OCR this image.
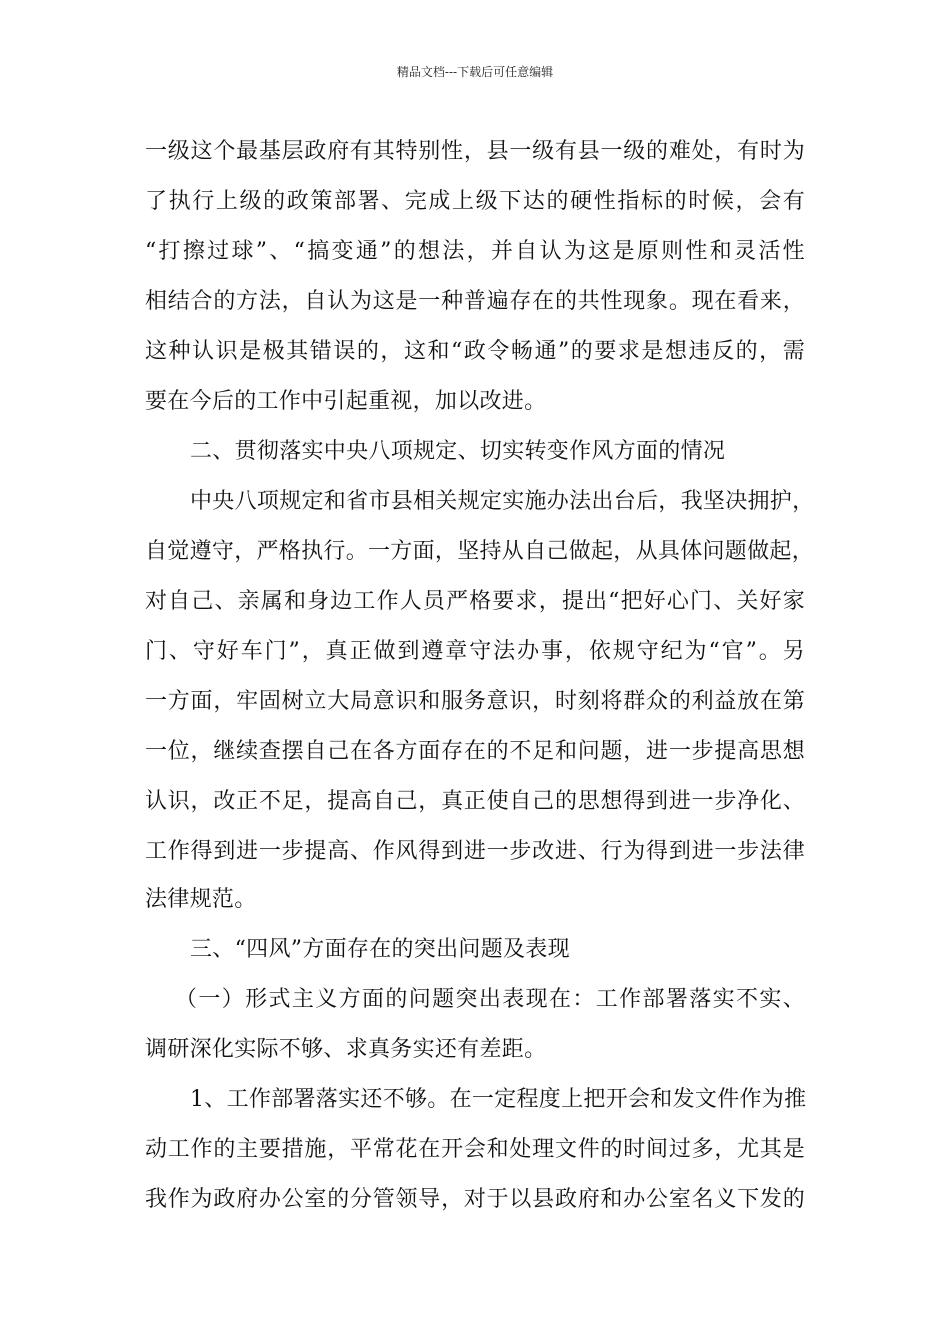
精品文档---下载后可任意编辑
一级这个最基层政府有其特别性，县一级有县一级的难处，有时为
了执行上级的政策部署、完成上级下达的硬性指标的时候，会有
“打擦过球”、“搞变通”的想法，并自认为这是原则性和灵活性
相结合的方法，自认为这是一种普遍存在的共性现象。现在看来，
这种认识是极其错误的，这和“政令畅通”的要求是想违反的，需
要在今后的工作中引起重视，加以改进。
二、贯彻落实中央八项规定、切实转变作风方面的情况
中央八项规定和省市县相关规定实施办法出台后，我坚决拥护，
自觉遵守，严格执行。一方面，坚持从自己做起，从具体问题做起，
对自己、亲属和身边工作人员严格要求，提出“把好心门、关好家
门、守好车门”，真正做到遵章守法办事，依规守纪为“官”。另
一方面，牢固树立大局意识和服务意识，时刻将群众的利益放在第
一位，继续查摆自己在各方面存在的不足和问题，进一步提高思想
认识，改正不足，提高自己，真正使自己的思想得到进一步净化、
工作得到进一步提高、作风得到进一步改进、行为得到进一步法律
法律规范。
三、“四风”方面存在的突出问题及表现
（一）形式主义方面的问题突出表现在：工作部署落实不实、
调研深化实际不够、求真务实还有差距。
1、工作部署落实还不够。在一定程度上把开会和发文件作为推
动工作的主要措施，平常花在开会和处理文件的时间过多，尤其是
我作为政府办公室的分管领导，对于以县政府和办公室名义下发的
